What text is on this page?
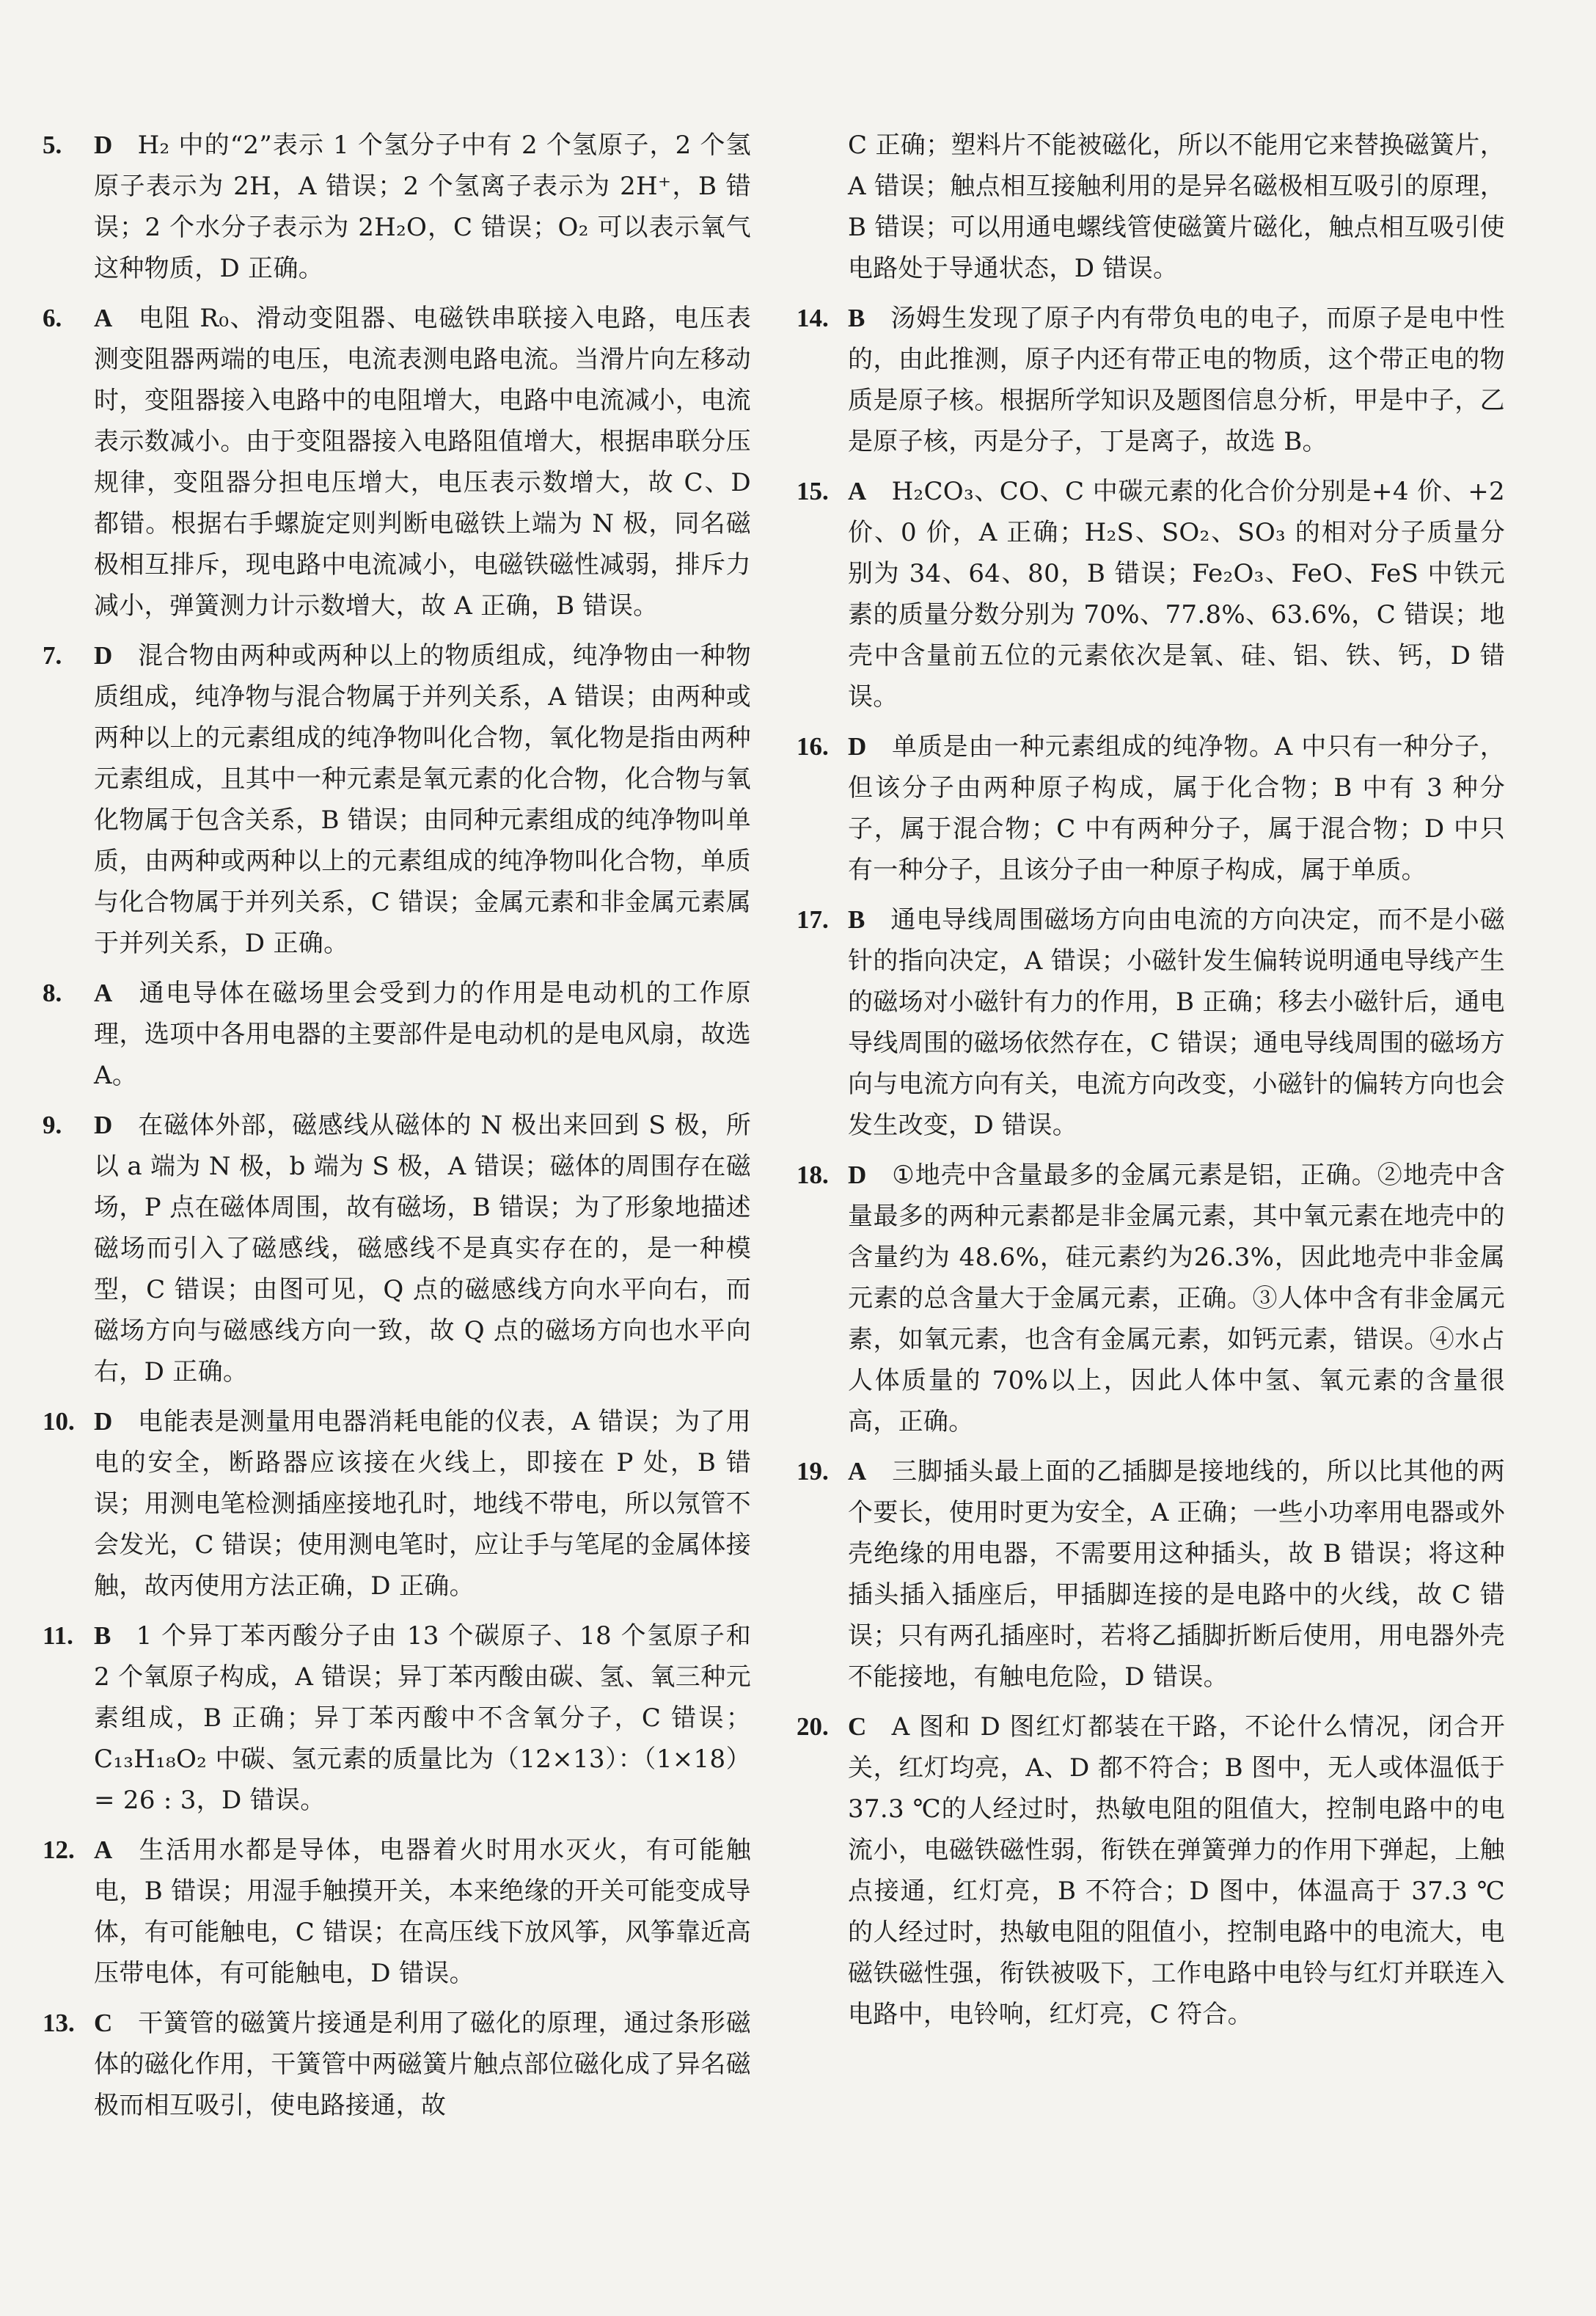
5.	D H₂ 中的“2”表示 1 个氢分子中有 2 个氢原子，2 个氢原子表示为 2H，A 错误；2 个氢离子表示为 2H⁺，B 错误；2 个水分子表示为 2H₂O，C 错误；O₂ 可以表示氧气这种物质，D 正确。
6.	A 电阻 R₀、滑动变阻器、电磁铁串联接入电路，电压表测变阻器两端的电压，电流表测电路电流。当滑片向左移动时，变阻器接入电路中的电阻增大，电路中电流减小，电流表示数减小。由于变阻器接入电路阻值增大，根据串联分压规律，变阻器分担电压增大，电压表示数增大，故 C、D 都错。根据右手螺旋定则判断电磁铁上端为 N 极，同名磁极相互排斥，现电路中电流减小，电磁铁磁性减弱，排斥力减小，弹簧测力计示数增大，故 A 正确，B 错误。
7.	D 混合物由两种或两种以上的物质组成，纯净物由一种物质组成，纯净物与混合物属于并列关系，A 错误；由两种或两种以上的元素组成的纯净物叫化合物，氧化物是指由两种元素组成，且其中一种元素是氧元素的化合物，化合物与氧化物属于包含关系，B 错误；由同种元素组成的纯净物叫单质，由两种或两种以上的元素组成的纯净物叫化合物，单质与化合物属于并列关系，C 错误；金属元素和非金属元素属于并列关系，D 正确。
8.	A 通电导体在磁场里会受到力的作用是电动机的工作原理，选项中各用电器的主要部件是电动机的是电风扇，故选 A。
9.	D 在磁体外部，磁感线从磁体的 N 极出来回到 S 极，所以 a 端为 N 极，b 端为 S 极，A 错误；磁体的周围存在磁场，P 点在磁体周围，故有磁场，B 错误；为了形象地描述磁场而引入了磁感线，磁感线不是真实存在的，是一种模型，C 错误；由图可见，Q 点的磁感线方向水平向右，而磁场方向与磁感线方向一致，故 Q 点的磁场方向也水平向右，D 正确。
10. D 电能表是测量用电器消耗电能的仪表，A 错误；为了用电的安全，断路器应该接在火线上，即接在 P 处，B 错误；用测电笔检测插座接地孔时，地线不带电，所以氖管不会发光，C 错误；使用测电笔时，应让手与笔尾的金属体接触，故丙使用方法正确，D 正确。
11. B 1 个异丁苯丙酸分子由 13 个碳原子、18 个氢原子和 2 个氧原子构成，A 错误；异丁苯丙酸由碳、氢、氧三种元素组成，B 正确；异丁苯丙酸中不含氧分子，C 错误；C₁₃H₁₈O₂ 中碳、氢元素的质量比为（12×13）：（1×18）= 26 : 3，D 错误。
12. A 生活用水都是导体，电器着火时用水灭火，有可能触电，B 错误；用湿手触摸开关，本来绝缘的开关可能变成导体，有可能触电，C 错误；在高压线下放风筝，风筝靠近高压带电体，有可能触电，D 错误。
13. C 干簧管的磁簧片接通是利用了磁化的原理，通过条形磁体的磁化作用，干簧管中两磁簧片触点部位磁化成了异名磁极而相互吸引，使电路接通，故
C 正确；塑料片不能被磁化，所以不能用它来替换磁簧片，A 错误；触点相互接触利用的是异名磁极相互吸引的原理，B 错误；可以用通电螺线管使磁簧片磁化，触点相互吸引使电路处于导通状态，D 错误。
14. B 汤姆生发现了原子内有带负电的电子，而原子是电中性的，由此推测，原子内还有带正电的物质，这个带正电的物质是原子核。根据所学知识及题图信息分析，甲是中子，乙是原子核，丙是分子，丁是离子，故选 B。
15. A H₂CO₃、CO、C 中碳元素的化合价分别是+4 价、+2 价、0 价，A 正确；H₂S、SO₂、SO₃ 的相对分子质量分别为 34、64、80，B 错误；Fe₂O₃、FeO、FeS 中铁元素的质量分数分别为 70%、77.8%、63.6%，C 错误；地壳中含量前五位的元素依次是氧、硅、铝、铁、钙，D 错误。
16. D 单质是由一种元素组成的纯净物。A 中只有一种分子，但该分子由两种原子构成，属于化合物；B 中有 3 种分子，属于混合物；C 中有两种分子，属于混合物；D 中只有一种分子，且该分子由一种原子构成，属于单质。
17. B 通电导线周围磁场方向由电流的方向决定，而不是小磁针的指向决定，A 错误；小磁针发生偏转说明通电导线产生的磁场对小磁针有力的作用，B 正确；移去小磁针后，通电导线周围的磁场依然存在，C 错误；通电导线周围的磁场方向与电流方向有关，电流方向改变，小磁针的偏转方向也会发生改变，D 错误。
18. D ①地壳中含量最多的金属元素是铝，正确。②地壳中含量最多的两种元素都是非金属元素，其中氧元素在地壳中的含量约为 48.6%，硅元素约为26.3%，因此地壳中非金属元素的总含量大于金属元素，正确。③人体中含有非金属元素，如氧元素，也含有金属元素，如钙元素，错误。④水占人体质量的 70%以上，因此人体中氢、氧元素的含量很高，正确。
19. A 三脚插头最上面的乙插脚是接地线的，所以比其他的两个要长，使用时更为安全，A 正确；一些小功率用电器或外壳绝缘的用电器，不需要用这种插头，故 B 错误；将这种插头插入插座后，甲插脚连接的是电路中的火线，故 C 错误；只有两孔插座时，若将乙插脚折断后使用，用电器外壳不能接地，有触电危险，D 错误。
20. C A 图和 D 图红灯都装在干路，不论什么情况，闭合开关，红灯均亮，A、D 都不符合；B 图中，无人或体温低于 37.3 ℃的人经过时，热敏电阻的阻值大，控制电路中的电流小，电磁铁磁性弱，衔铁在弹簧弹力的作用下弹起，上触点接通，红灯亮，B 不符合；D 图中，体温高于 37.3 ℃的人经过时，热敏电阻的阻值小，控制电路中的电流大，电磁铁磁性强，衔铁被吸下，工作电路中电铃与红灯并联连入电路中，电铃响，红灯亮，C 符合。
